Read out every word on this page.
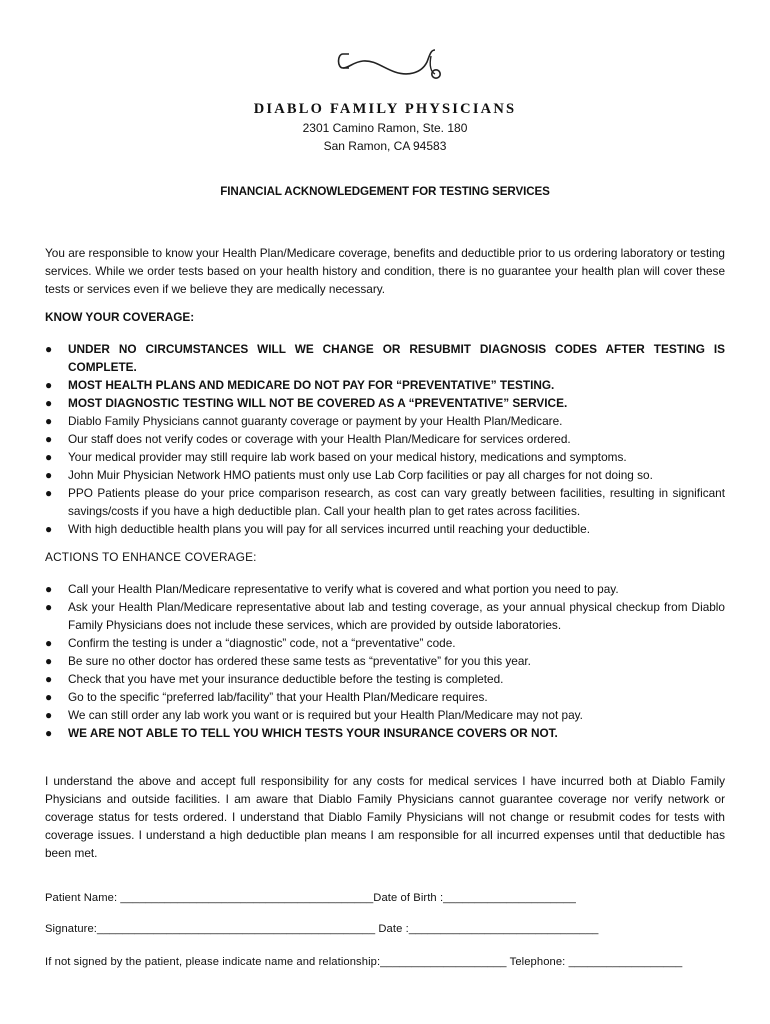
DIABLO FAMILY PHYSICIANS
2301 Camino Ramon, Ste. 180
San Ramon, CA 94583
FINANCIAL ACKNOWLEDGEMENT FOR TESTING SERVICES

You are responsible to know your Health Plan/Medicare coverage, benefits and deductible prior to us ordering laboratory or testing services. While we order tests based on your health history and condition, there is no guarantee your health plan will cover these tests or services even if we believe they are medically necessary.

KNOW YOUR COVERAGE:
● UNDER NO CIRCUMSTANCES WILL WE CHANGE OR RESUBMIT DIAGNOSIS CODES AFTER TESTING IS COMPLETE.
● MOST HEALTH PLANS AND MEDICARE DO NOT PAY FOR “PREVENTATIVE” TESTING.
● MOST DIAGNOSTIC TESTING WILL NOT BE COVERED AS A “PREVENTATIVE” SERVICE.
● Diablo Family Physicians cannot guaranty coverage or payment by your Health Plan/Medicare.
● Our staff does not verify codes or coverage with your Health Plan/Medicare for services ordered.
● Your medical provider may still require lab work based on your medical history, medications and symptoms.
● John Muir Physician Network HMO patients must only use Lab Corp facilities or pay all charges for not doing so.
● PPO Patients please do your price comparison research, as cost can vary greatly between facilities, resulting in significant savings/costs if you have a high deductible plan. Call your health plan to get rates across facilities.
● With high deductible health plans you will pay for all services incurred until reaching your deductible.
ACTIONS TO ENHANCE COVERAGE:
● Call your Health Plan/Medicare representative to verify what is covered and what portion you need to pay.
● Ask your Health Plan/Medicare representative about lab and testing coverage, as your annual physical checkup from Diablo Family Physicians does not include these services, which are provided by outside laboratories.
● Confirm the testing is under a “diagnostic” code, not a “preventative” code.
● Be sure no other doctor has ordered these same tests as “preventative” for you this year.
● Check that you have met your insurance deductible before the testing is completed.
● Go to the specific “preferred lab/facility” that your Health Plan/Medicare requires.
● We can still order any lab work you want or is required but your Health Plan/Medicare may not pay.
● WE ARE NOT ABLE TO TELL YOU WHICH TESTS YOUR INSURANCE COVERS OR NOT.

I understand the above and accept full responsibility for any costs for medical services I have incurred both at Diablo Family Physicians and outside facilities. I am aware that Diablo Family Physicians cannot guarantee coverage nor verify network or coverage status for tests ordered. I understand that Diablo Family Physicians will not change or resubmit codes for tests with coverage issues. I understand a high deductible plan means I am responsible for all incurred expenses until that deductible has been met.

Patient Name: ________________________________________Date of Birth :_____________________
Signature:____________________________________________ Date :______________________________
If not signed by the patient, please indicate name and relationship:____________________ Telephone: __________________
